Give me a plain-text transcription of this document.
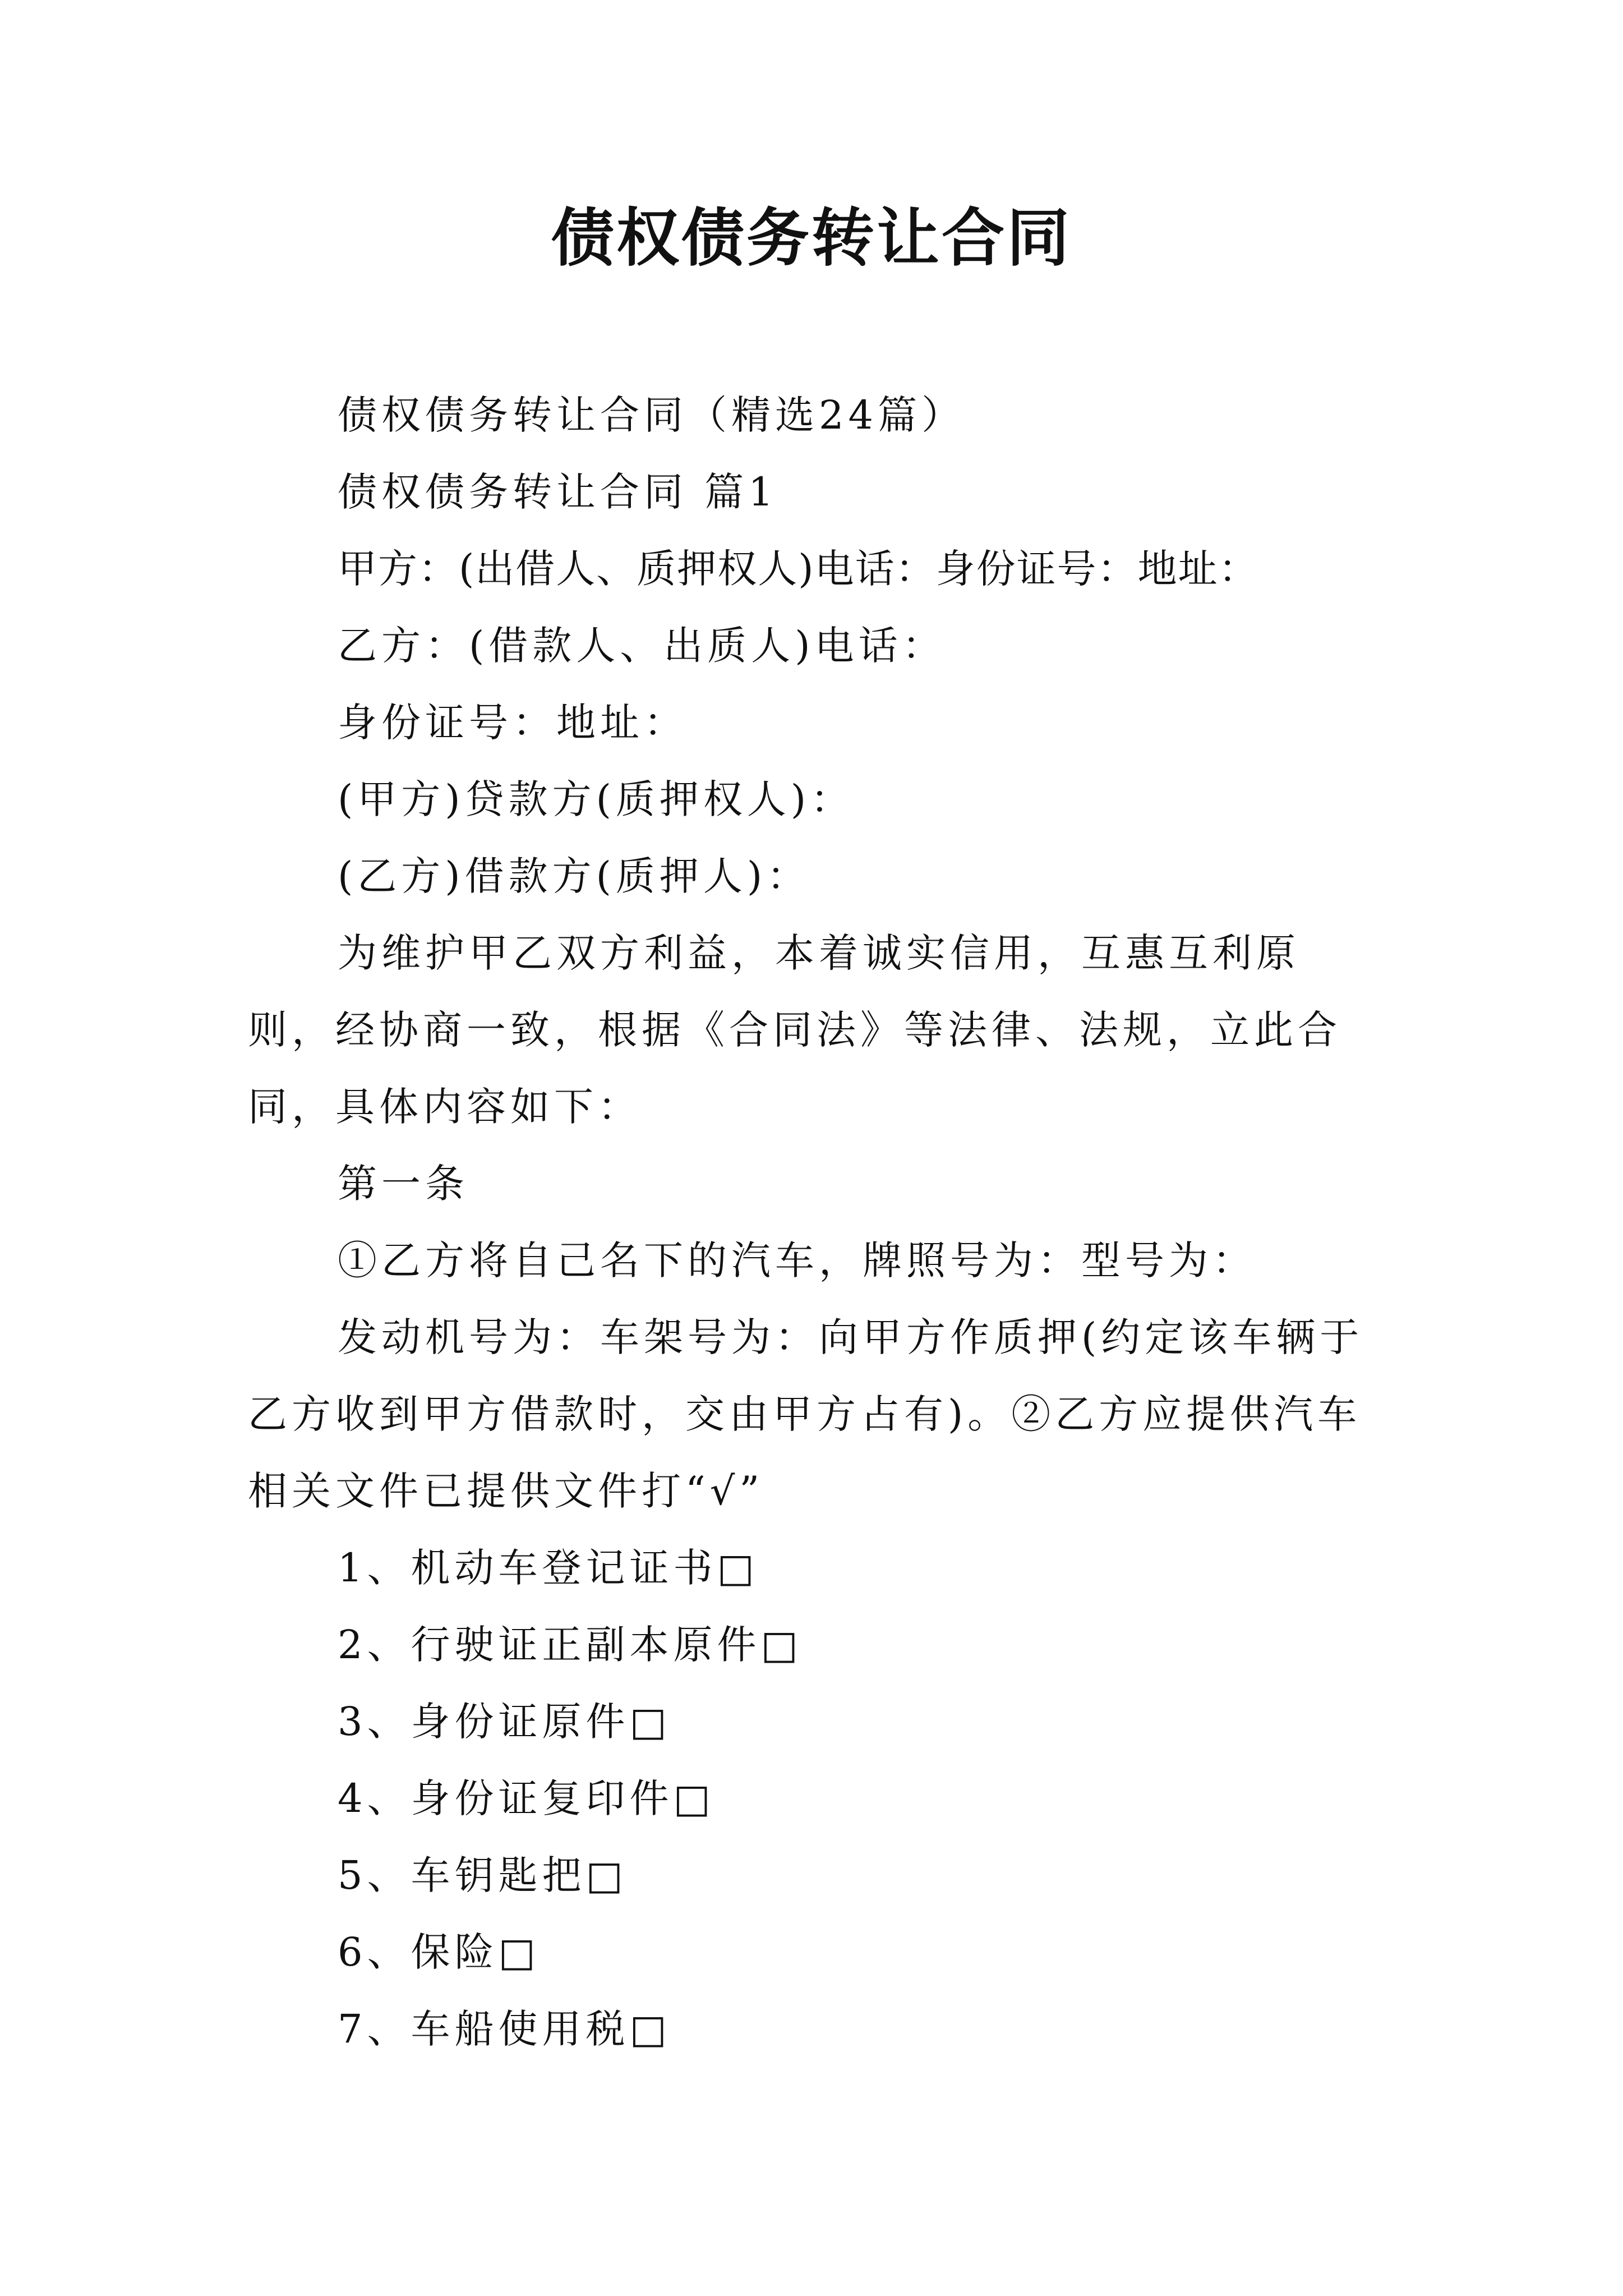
债权债务转让合同

债权债务转让合同（精选24篇）

债权债务转让合同 篇1

甲方：(出借人、质押权人)电话：身份证号：地址：

乙方：(借款人、出质人)电话：

身份证号：地址：

(甲方)贷款方(质押权人)：

(乙方)借款方(质押人)：

为维护甲乙双方利益，本着诚实信用，互惠互利原则，经协商一致，根据《合同法》等法律、法规，立此合同，具体内容如下：

第一条

①乙方将自己名下的汽车，牌照号为：型号为：

发动机号为：车架号为：向甲方作质押(约定该车辆于乙方收到甲方借款时，交由甲方占有)。②乙方应提供汽车相关文件已提供文件打“√”

1、机动车登记证书□

2、行驶证正副本原件□

3、身份证原件□

4、身份证复印件□

5、车钥匙把□

6、保险□

7、车船使用税□
